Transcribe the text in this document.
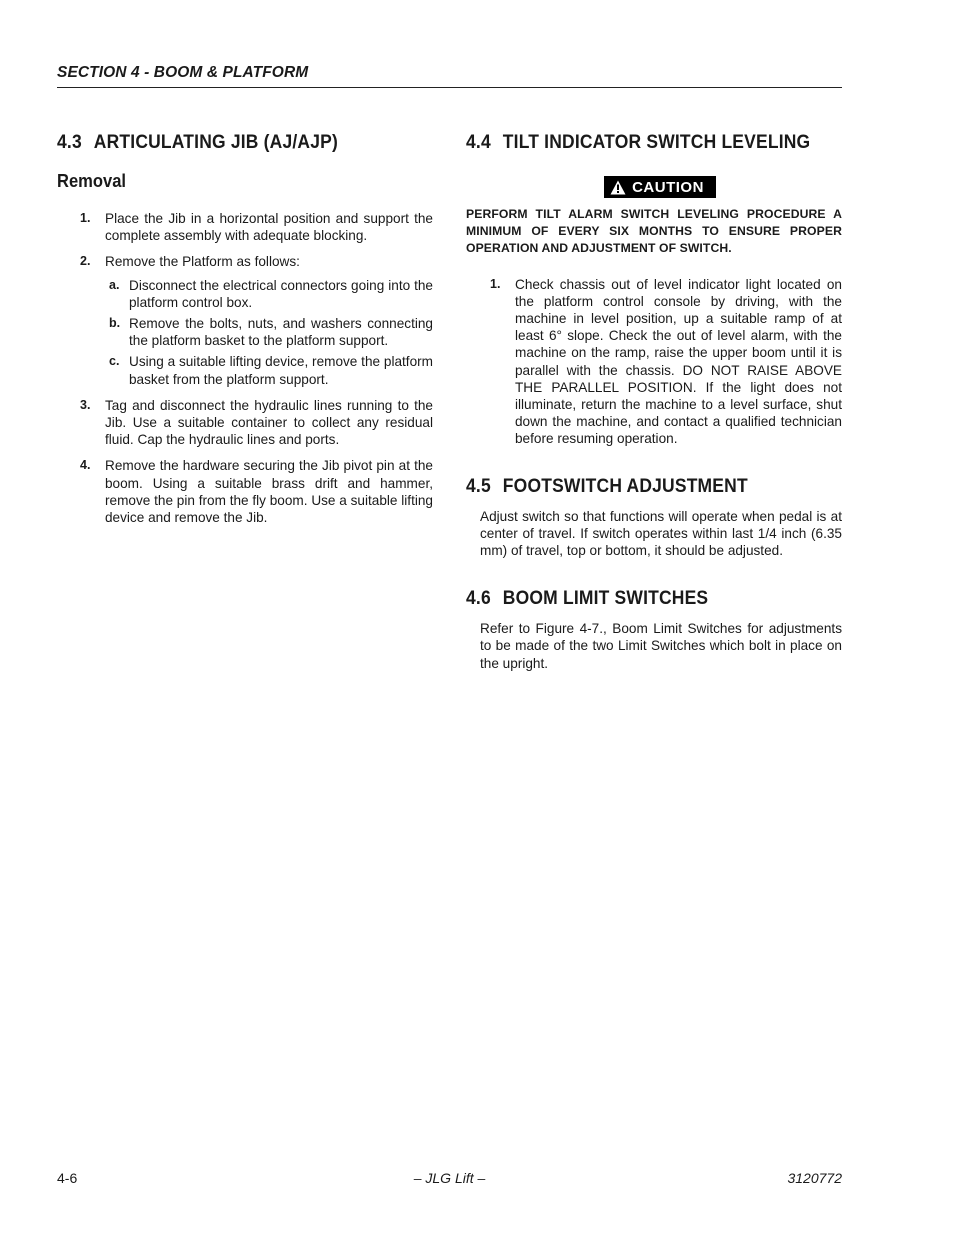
SECTION 4 - BOOM & PLATFORM
4.3 ARTICULATING JIB (AJ/AJP)
Removal
1. Place the Jib in a horizontal position and support the complete assembly with adequate blocking.
2. Remove the Platform as follows:
a. Disconnect the electrical connectors going into the platform control box.
b. Remove the bolts, nuts, and washers connecting the platform basket to the platform support.
c. Using a suitable lifting device, remove the platform basket from the platform support.
3. Tag and disconnect the hydraulic lines running to the Jib. Use a suitable container to collect any residual fluid. Cap the hydraulic lines and ports.
4. Remove the hardware securing the Jib pivot pin at the boom. Using a suitable brass drift and hammer, remove the pin from the fly boom. Use a suitable lifting device and remove the Jib.
4.4 TILT INDICATOR SWITCH LEVELING
CAUTION
PERFORM TILT ALARM SWITCH LEVELING PROCEDURE A MINIMUM OF EVERY SIX MONTHS TO ENSURE PROPER OPERATION AND ADJUSTMENT OF SWITCH.
1. Check chassis out of level indicator light located on the platform control console by driving, with the machine in level position, up a suitable ramp of at least 6° slope. Check the out of level alarm, with the machine on the ramp, raise the upper boom until it is parallel with the chassis. DO NOT RAISE ABOVE THE PARALLEL POSITION. If the light does not illuminate, return the machine to a level surface, shut down the machine, and contact a qualified technician before resuming operation.
4.5 FOOTSWITCH ADJUSTMENT

Adjust switch so that functions will operate when pedal is at center of travel. If switch operates within last 1/4 inch (6.35 mm) of travel, top or bottom, it should be adjusted.

4.6 BOOM LIMIT SWITCHES

Refer to Figure 4-7., Boom Limit Switches for adjustments to be made of the two Limit Switches which bolt in place on the upright.

4-6	– JLG Lift –	3120772
